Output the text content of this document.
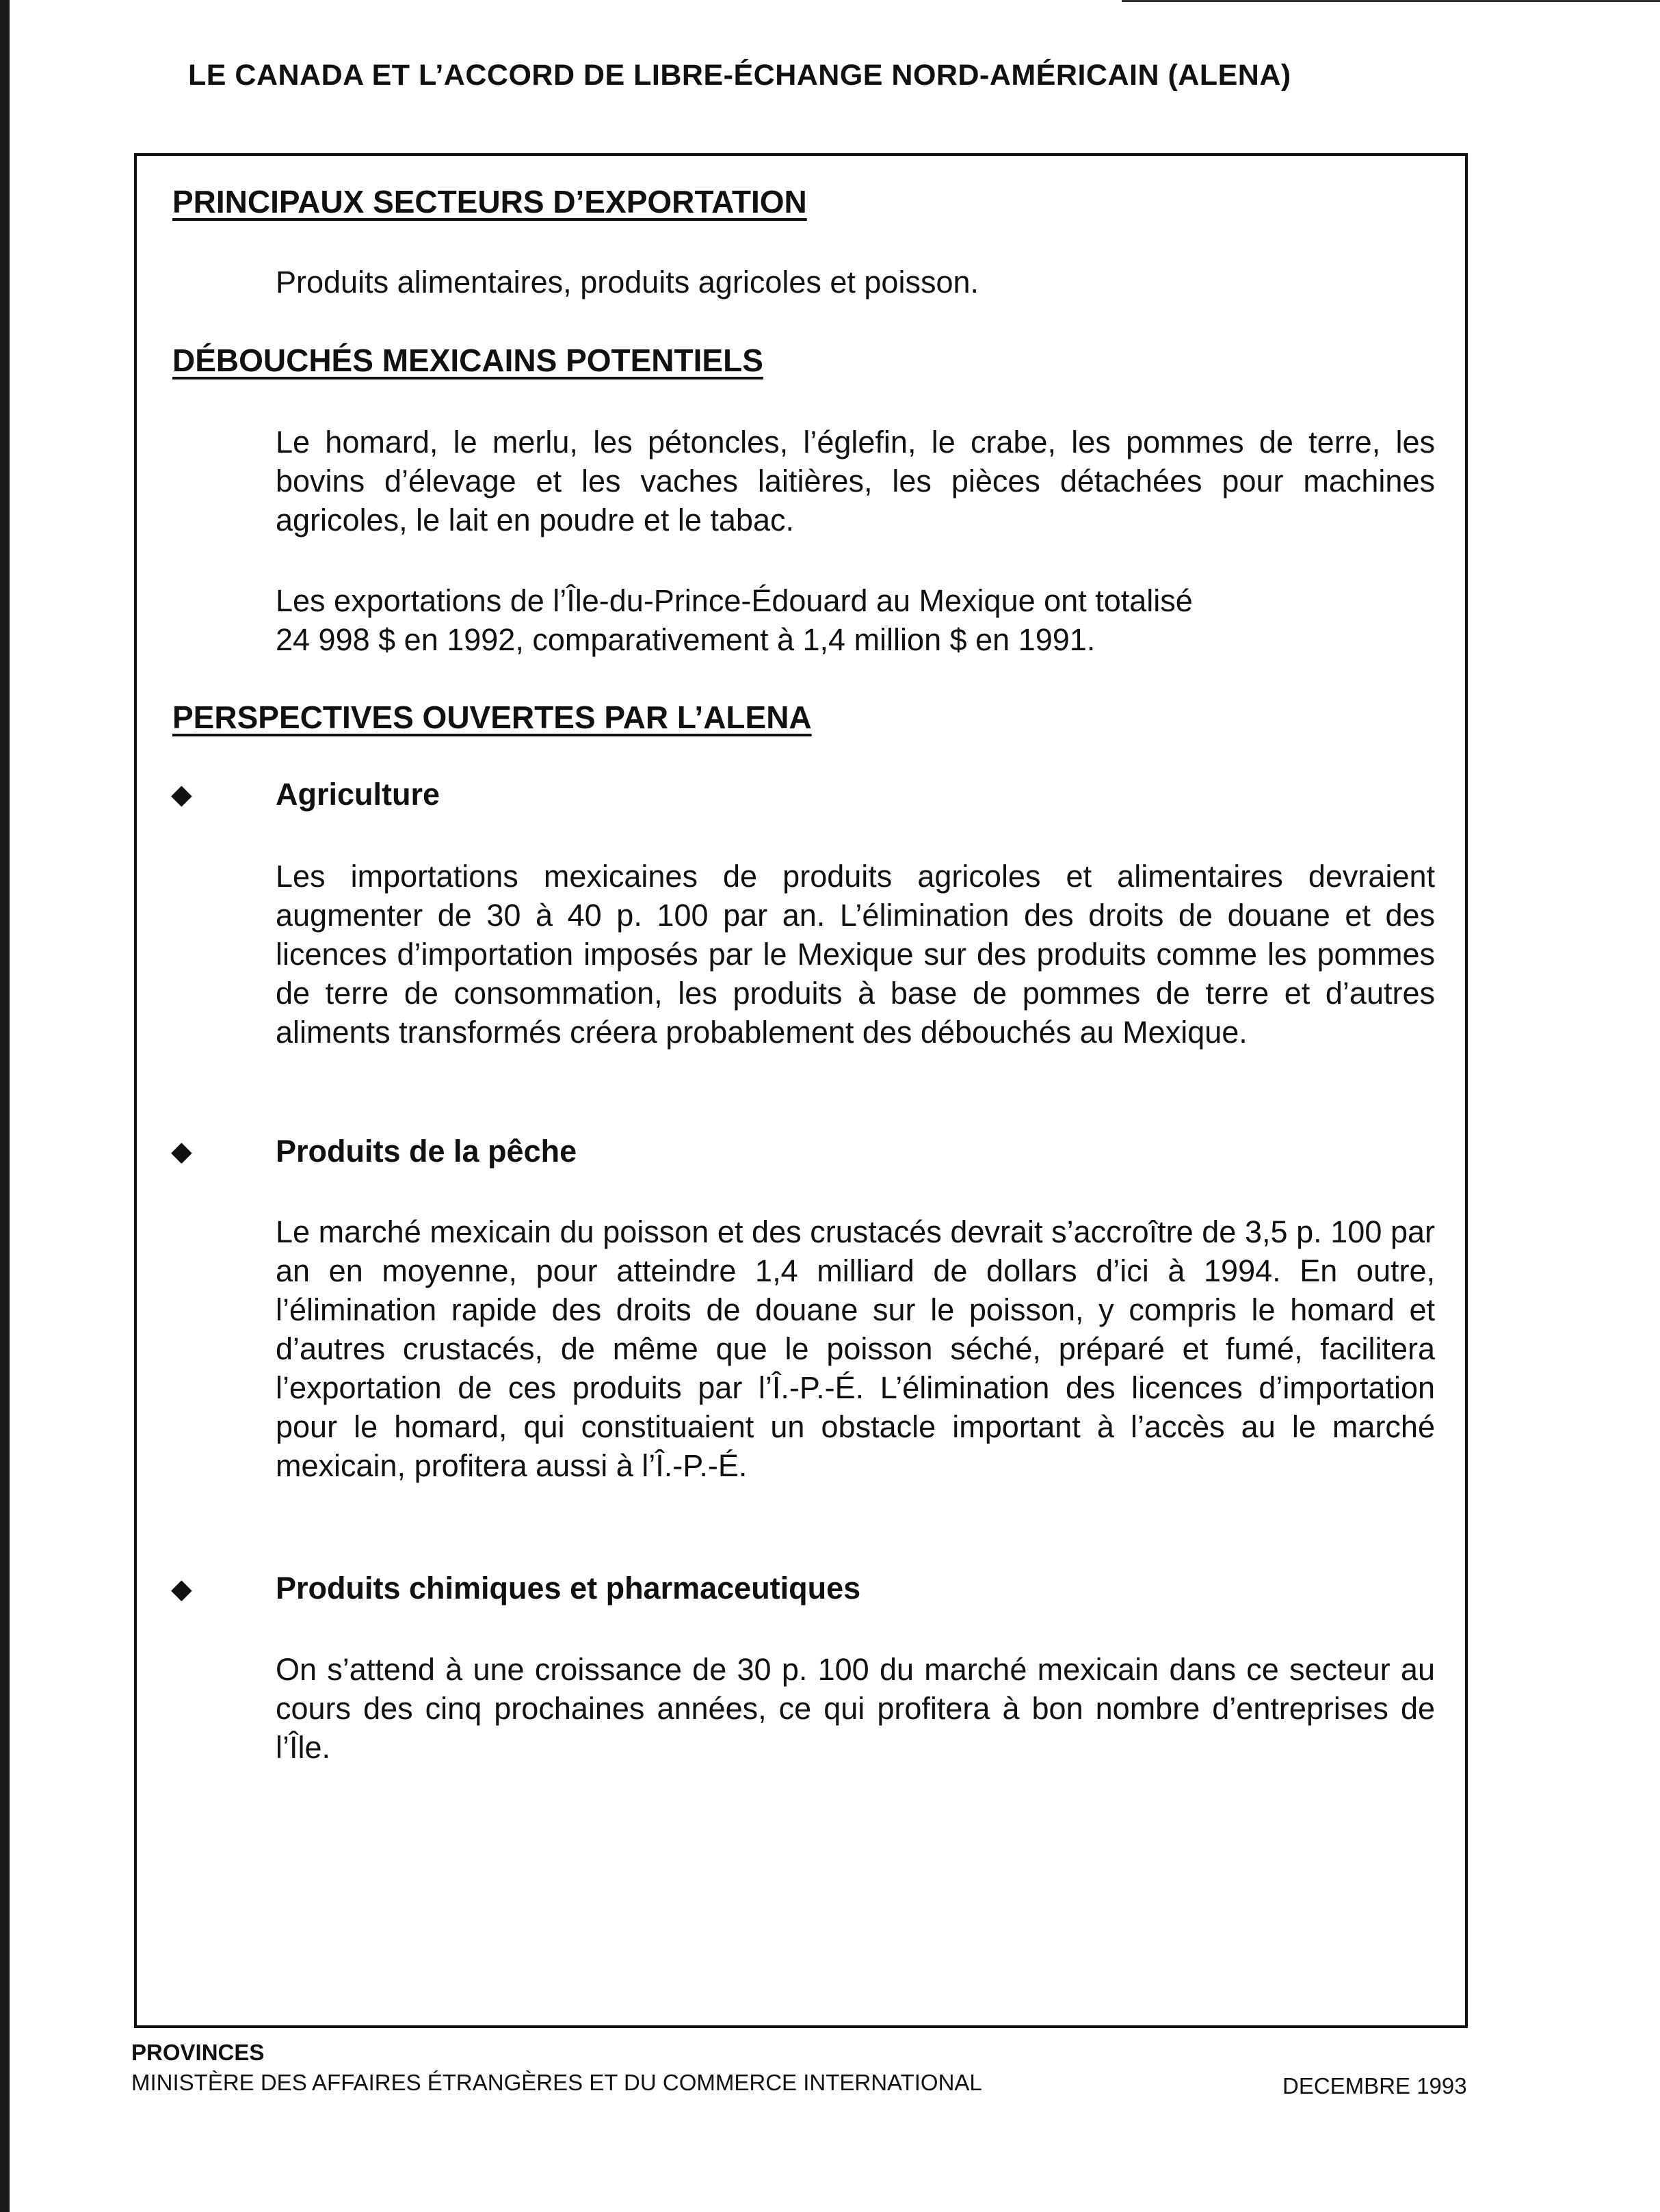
LE CANADA ET L’ACCORD DE LIBRE-ÉCHANGE NORD-AMÉRICAIN (ALENA)
PRINCIPAUX SECTEURS D’EXPORTATION

Produits alimentaires, produits agricoles et poisson.

DÉBOUCHÉS MEXICAINS POTENTIELS

Le homard, le merlu, les pétoncles, l’églefin, le crabe, les pommes de terre, les bovins d’élevage et les vaches laitières, les pièces détachées pour machines agricoles, le lait en poudre et le tabac.

Les exportations de l’Île-du-Prince-Édouard au Mexique ont totalisé
24 998 $ en 1992, comparativement à 1,4 million $ en 1991.

PERSPECTIVES OUVERTES PAR L’ALENA
◆	Agriculture

Les importations mexicaines de produits agricoles et alimentaires devraient augmenter de 30 à 40 p. 100 par an. L’élimination des droits de douane et des licences d’importation imposés par le Mexique sur des produits comme les pommes de terre de consommation, les produits à base de pommes de terre et d’autres aliments transformés créera probablement des débouchés au Mexique.

◆	Produits de la pêche

Le marché mexicain du poisson et des crustacés devrait s’accroître de 3,5 p. 100 par an en moyenne, pour atteindre 1,4 milliard de dollars d’ici à 1994. En outre, l’élimination rapide des droits de douane sur le poisson, y compris le homard et d’autres crustacés, de même que le poisson séché, préparé et fumé, facilitera l’exportation de ces produits par l’Î.-P.-É. L’élimination des licences d’importation pour le homard, qui constituaient un obstacle important à l’accès au le marché mexicain, profitera aussi à l’Î.-P.-É.

◆	Produits chimiques et pharmaceutiques

On s’attend à une croissance de 30 p. 100 du marché mexicain dans ce secteur au cours des cinq prochaines années, ce qui profitera à bon nombre d’entreprises de l’Île.

PROVINCES
MINISTÈRE DES AFFAIRES ÉTRANGÈRES ET DU COMMERCE INTERNATIONAL	DECEMBRE 1993
